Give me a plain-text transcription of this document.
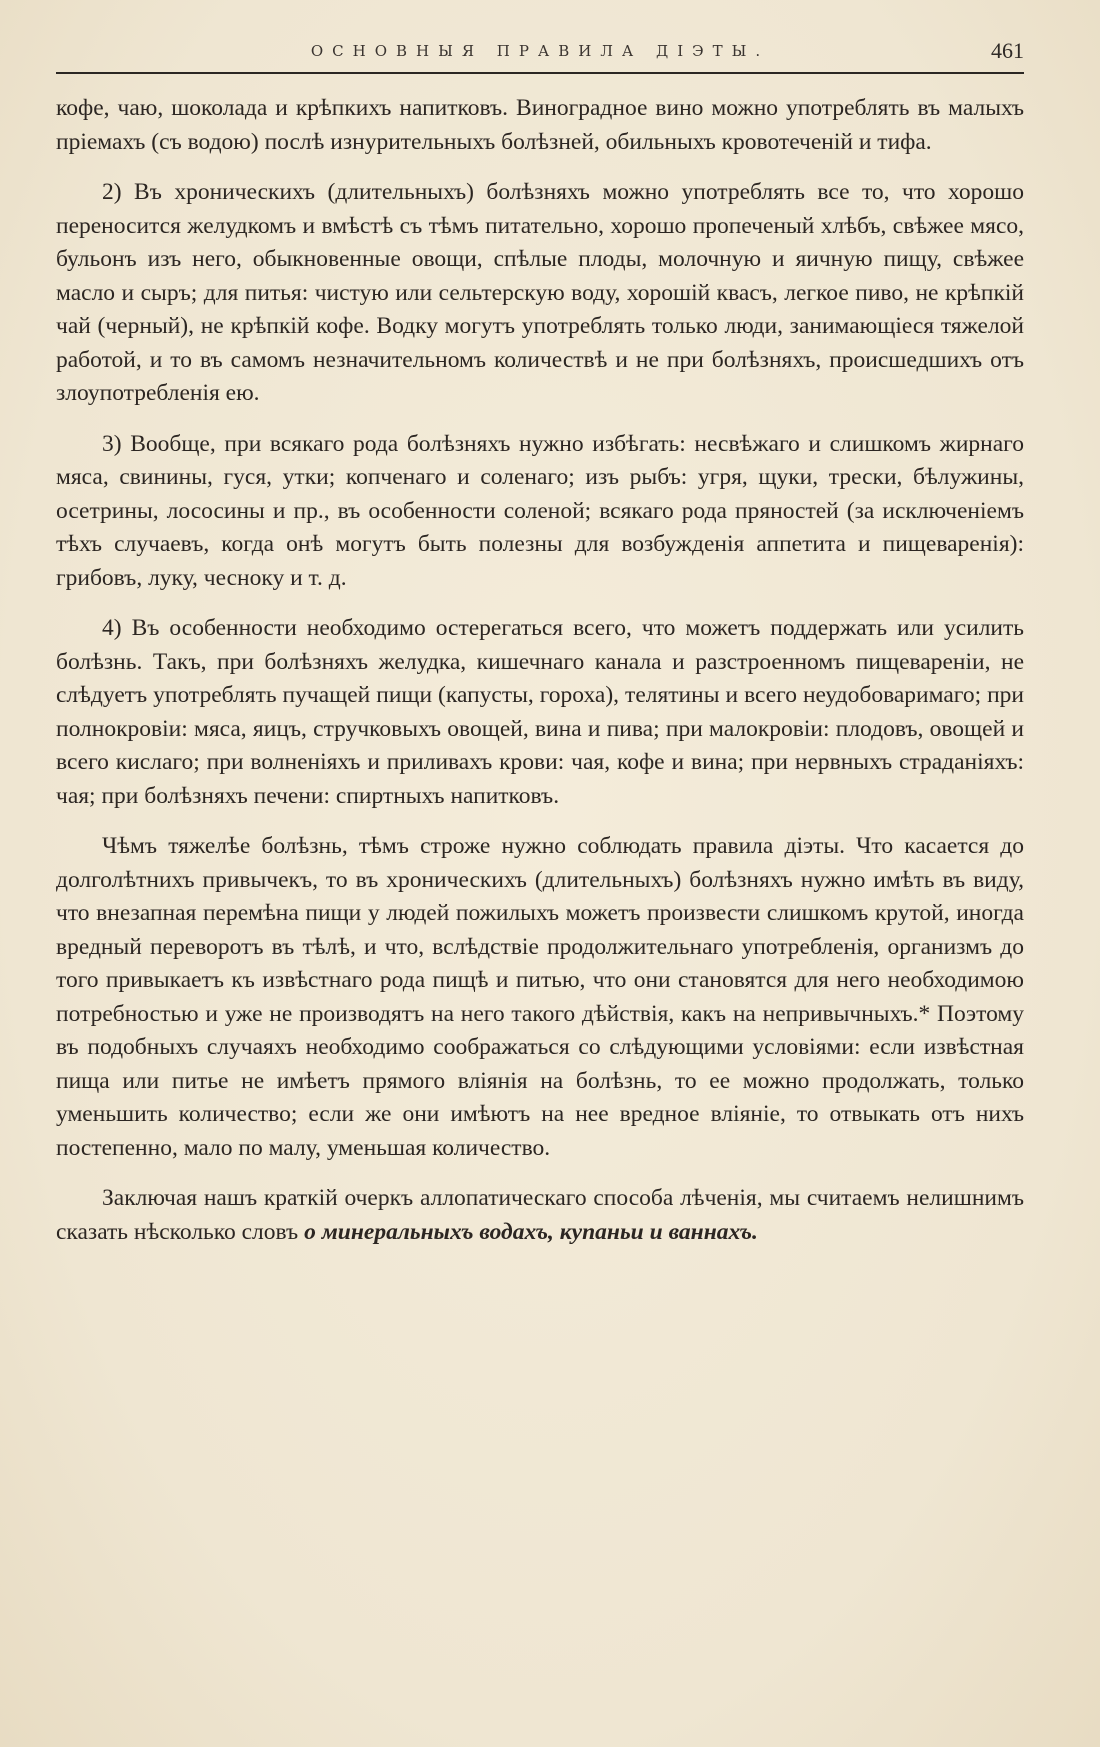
ОСНОВНЫЯ ПРАВИЛА ДІЭТЫ.	461

кофе, чаю, шоколада и крѣпкихъ напитковъ. Виноградное вино можно употреблять въ малыхъ пріемахъ (съ водою) послѣ изнурительныхъ болѣзней, обильныхъ кровотеченій и тифа.

2) Въ хроническихъ (длительныхъ) болѣзняхъ можно употреблять все то, что хорошо переносится желудкомъ и вмѣстѣ съ тѣмъ питательно, хорошо пропеченый хлѣбъ, свѣжее мясо, бульонъ изъ него, обыкновенные овощи, спѣлые плоды, молочную и яичную пищу, свѣжее масло и сыръ; для питья: чистую или сельтерскую воду, хорошій квасъ, легкое пиво, не крѣпкій чай (черный), не крѣпкій кофе. Водку могутъ употреблять только люди, занимающіеся тяжелой работой, и то въ самомъ незначительномъ количествѣ и не при болѣзняхъ, происшедшихъ отъ злоупотребленія ею.

3) Вообще, при всякаго рода болѣзняхъ нужно избѣгать: несвѣжаго и слишкомъ жирнаго мяса, свинины, гуся, утки; копченаго и соленаго; изъ рыбъ: угря, щуки, трески, бѣлужины, осетрины, лососины и пр., въ особенности соленой; всякаго рода пряностей (за исключеніемъ тѣхъ случаевъ, когда онѣ могутъ быть полезны для возбужденія аппетита и пищеваренія): грибовъ, луку, чесноку и т. д.

4) Въ особенности необходимо остерегаться всего, что можетъ поддержать или усилить болѣзнь. Такъ, при болѣзняхъ желудка, кишечнаго канала и разстроенномъ пищевареніи, не слѣдуетъ употреблять пучащей пищи (капусты, гороха), телятины и всего неудобоваримаго; при полнокровіи: мяса, яицъ, стручковыхъ овощей, вина и пива; при малокровіи: плодовъ, овощей и всего кислаго; при волненіяхъ и приливахъ крови: чая, кофе и вина; при нервныхъ страданіяхъ: чая; при болѣзняхъ печени: спиртныхъ напитковъ.

Чѣмъ тяжелѣе болѣзнь, тѣмъ строже нужно соблюдать правила діэты. Что касается до долголѣтнихъ привычекъ, то въ хроническихъ (длительныхъ) болѣзняхъ нужно имѣть въ виду, что внезапная перемѣна пищи у людей пожилыхъ можетъ произвести слишкомъ крутой, иногда вредный переворотъ въ тѣлѣ, и что, вслѣдствіе продолжительнаго употребленія, организмъ до того привыкаетъ къ извѣстнаго рода пищѣ и питью, что они становятся для него необходимою потребностью и уже не производятъ на него такого дѣйствія, какъ на непривычныхъ.* Поэтому въ подобныхъ случаяхъ необходимо соображаться со слѣдующими условіями: если извѣстная пища или питье не имѣетъ прямого вліянія на болѣзнь, то ее можно продолжать, только уменьшить количество; если же они имѣютъ на нее вредное вліяніе, то отвыкать отъ нихъ постепенно, мало по малу, уменьшая количество.

Заключая нашъ краткій очеркъ аллопатическаго способа лѣченія, мы считаемъ нелишнимъ сказать нѣсколько словъ о минеральныхъ водахъ, купаньи и ваннахъ.
